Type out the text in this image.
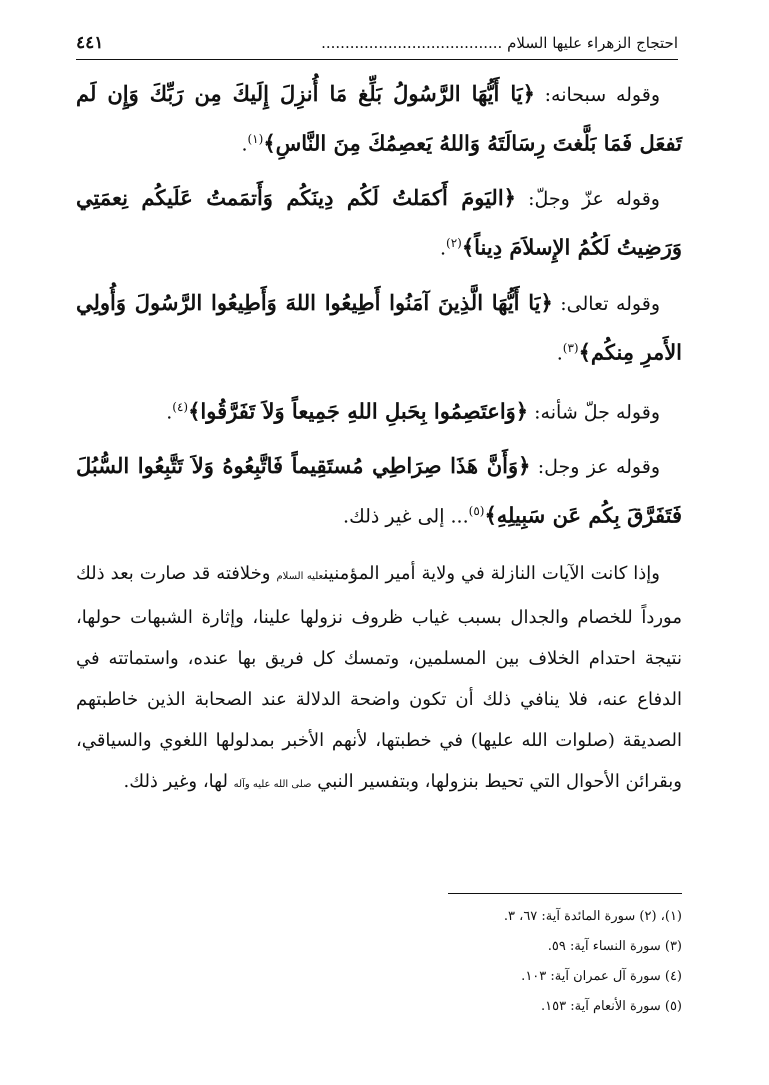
احتجاج الزهراء عليها السلام ......................................
٤٤١

وقوله سبحانه: ﴿يَا أَيُّهَا الرَّسُولُ بَلِّغ مَا أُنزِلَ إِلَيكَ مِن رَبِّكَ وَإِن لَم تَفعَل فَمَا بَلَّغتَ رِسَالَتَهُ وَاللهُ يَعصِمُكَ مِنَ النَّاسِ﴾$^{(١)}$.

وقوله عزّ وجلّ: ﴿اليَومَ أَكمَلتُ لَكُم دِينَكُم وَأَتمَمتُ عَلَيكُم نِعمَتِي وَرَضِيتُ لَكُمُ الإِسلاَمَ دِيناً﴾$^{(٢)}$.

وقوله تعالى: ﴿يَا أَيُّهَا الَّذِينَ آمَنُوا أَطِيعُوا اللهَ وَأَطِيعُوا الرَّسُولَ وَأُولِي الأَمرِ مِنكُم﴾$^{(٣)}$.

وقوله جلّ شأنه: ﴿وَاعتَصِمُوا بِحَبلِ اللهِ جَمِيعاً وَلاَ تَفَرَّقُوا﴾$^{(٤)}$.

وقوله عز وجل: ﴿وَأَنَّ هَذَا صِرَاطِي مُستَقِيماً فَاتَّبِعُوهُ وَلاَ تَتَّبِعُوا السُّبُلَ فَتَفَرَّقَ بِكُم عَن سَبِيلِهِ﴾$^{(٥)}$... إلى غير ذلك.

وإذا كانت الآيات النازلة في ولاية أمير المؤمنينعليه السلام وخلافته قد صارت بعد ذلك مورداً للخصام والجدال بسبب غياب ظروف نزولها علينا، وإثارة الشبهات حولها، نتيجة احتدام الخلاف بين المسلمين، وتمسك كل فريق بها عنده، واستماتته في الدفاع عنه، فلا ينافي ذلك أن تكون واضحة الدلالة عند الصحابة الذين خاطبتهم الصديقة (صلوات الله عليها) في خطبتها، لأنهم الأخبر بمدلولها اللغوي والسياقي، وبقرائن الأحوال التي تحيط بنزولها، وبتفسير النبي صلى الله عليه وآله لها، وغير ذلك.

(١)، (٢) سورة المائدة آية: ٦٧، ٣.
(٣) سورة النساء آية: ٥٩.
(٤) سورة آل عمران آية: ١٠٣.
(٥) سورة الأنعام آية: ١٥٣.
